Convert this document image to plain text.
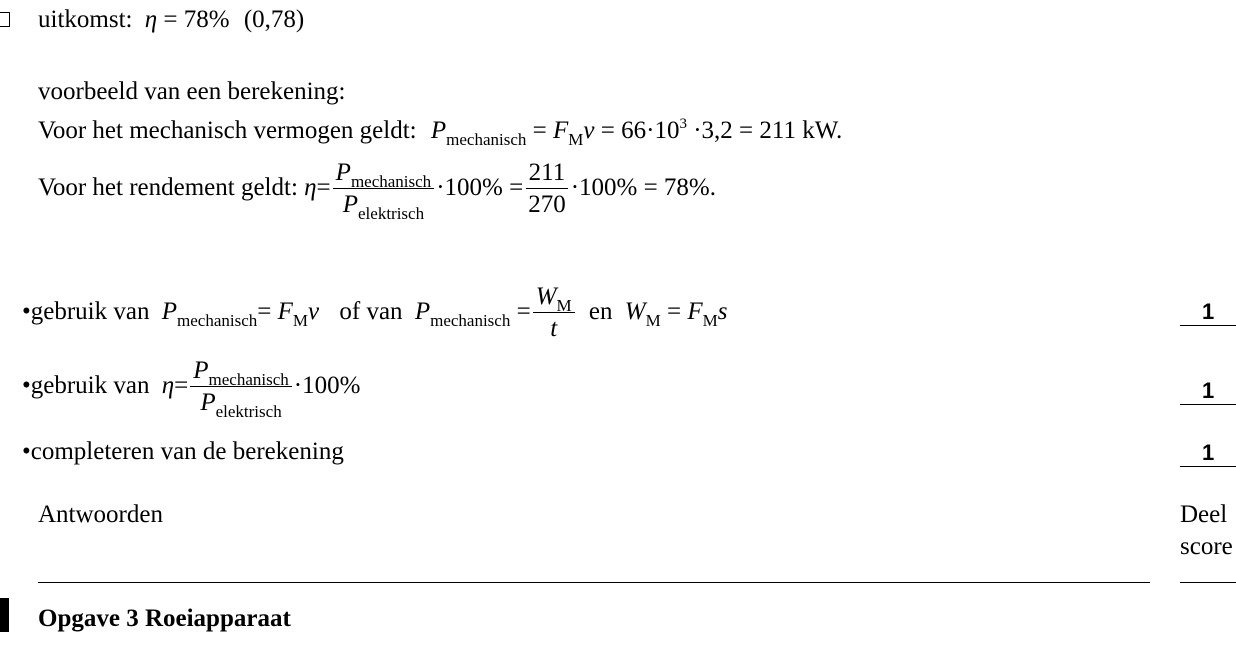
uitkomst: η = 78% (0,78)
voorbeeld van een berekening:
Voor het mechanisch vermogen geldt: $P_{mechanisch} = F_Mv = 66\cdot 10^3 \cdot 3,2 = 211$ kW.
Voor het rendement geldt: $\eta= \frac{P_{mechanisch}}{P_{elektrisch}} \cdot 100\% = \frac{211}{270} \cdot 100\% = 78\%$.
•gebruik van $P_{mechanisch}= F_Mv$ of van $P_{mechanisch} = \frac{W_M}{t}$ en $W_M = F_Ms$	1
•gebruik van $\eta= \frac{P_{mechanisch}}{P_{elektrisch}} \cdot 100\%$	1
•completeren van de berekening	1
Antwoorden	Deel
score
Opgave 3 Roeiapparaat
